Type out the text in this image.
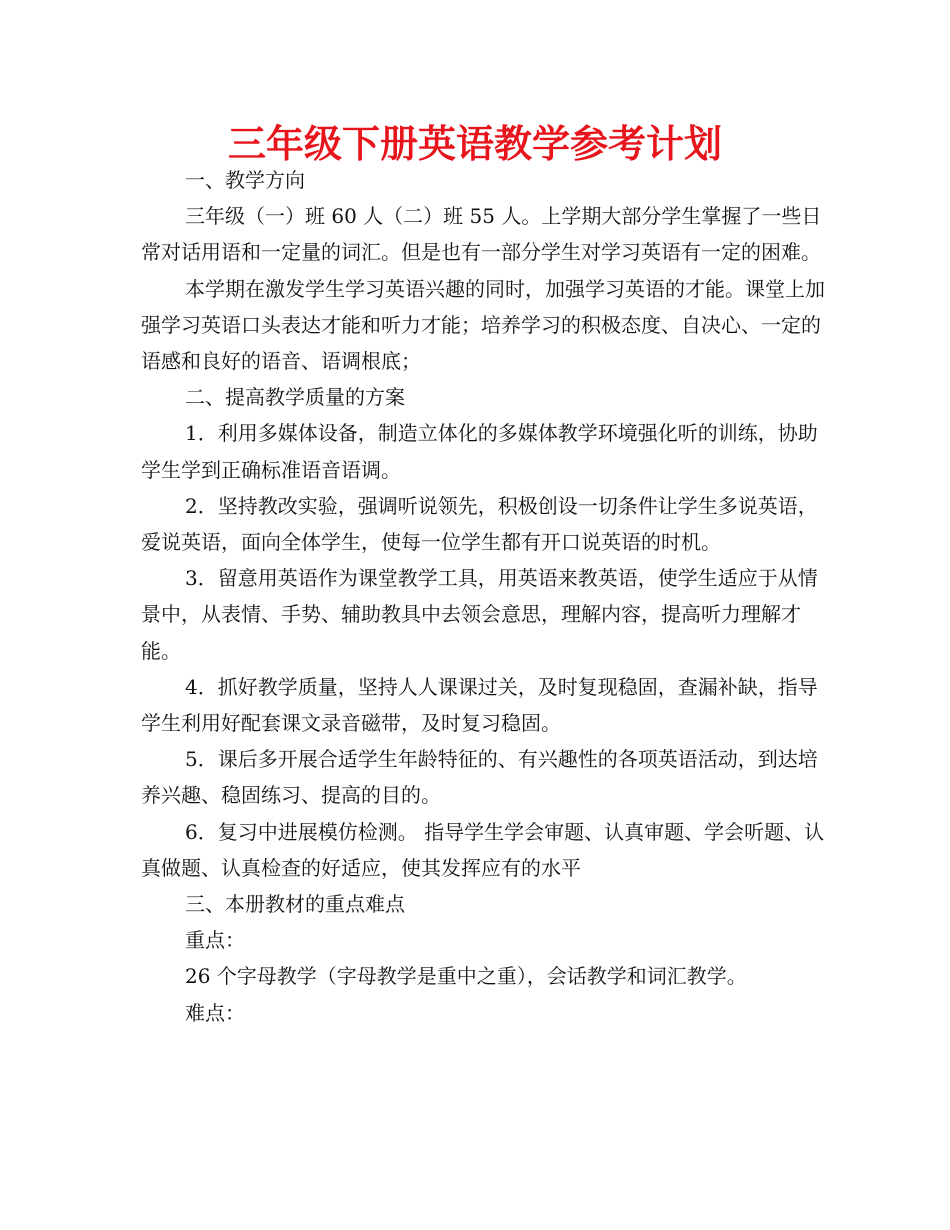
三年级下册英语教学参考计划

一、教学方向

三年级（一）班 60 人（二）班 55 人。上学期大部分学生掌握了一些日常对话用语和一定量的词汇。但是也有一部分学生对学习英语有一定的困难。

本学期在激发学生学习英语兴趣的同时，加强学习英语的才能。课堂上加强学习英语口头表达才能和听力才能；培养学习的积极态度、自决心、一定的语感和良好的语音、语调根底；

二、提高教学质量的方案

1．利用多媒体设备，制造立体化的多媒体教学环境强化听的训练，协助学生学到正确标准语音语调。

2．坚持教改实验，强调听说领先，积极创设一切条件让学生多说英语，爱说英语，面向全体学生，使每一位学生都有开口说英语的时机。

3．留意用英语作为课堂教学工具，用英语来教英语，使学生适应于从情景中，从表情、手势、辅助教具中去领会意思，理解内容，提高听力理解才能。

4．抓好教学质量，坚持人人课课过关，及时复现稳固，查漏补缺，指导学生利用好配套课文录音磁带，及时复习稳固。

5．课后多开展合适学生年龄特征的、有兴趣性的各项英语活动，到达培养兴趣、稳固练习、提高的目的。

6．复习中进展模仿检测。 指导学生学会审题、认真审题、学会听题、认真做题、认真检查的好适应，使其发挥应有的水平

三、本册教材的重点难点

重点：

26 个字母教学（字母教学是重中之重），会话教学和词汇教学。

难点：
